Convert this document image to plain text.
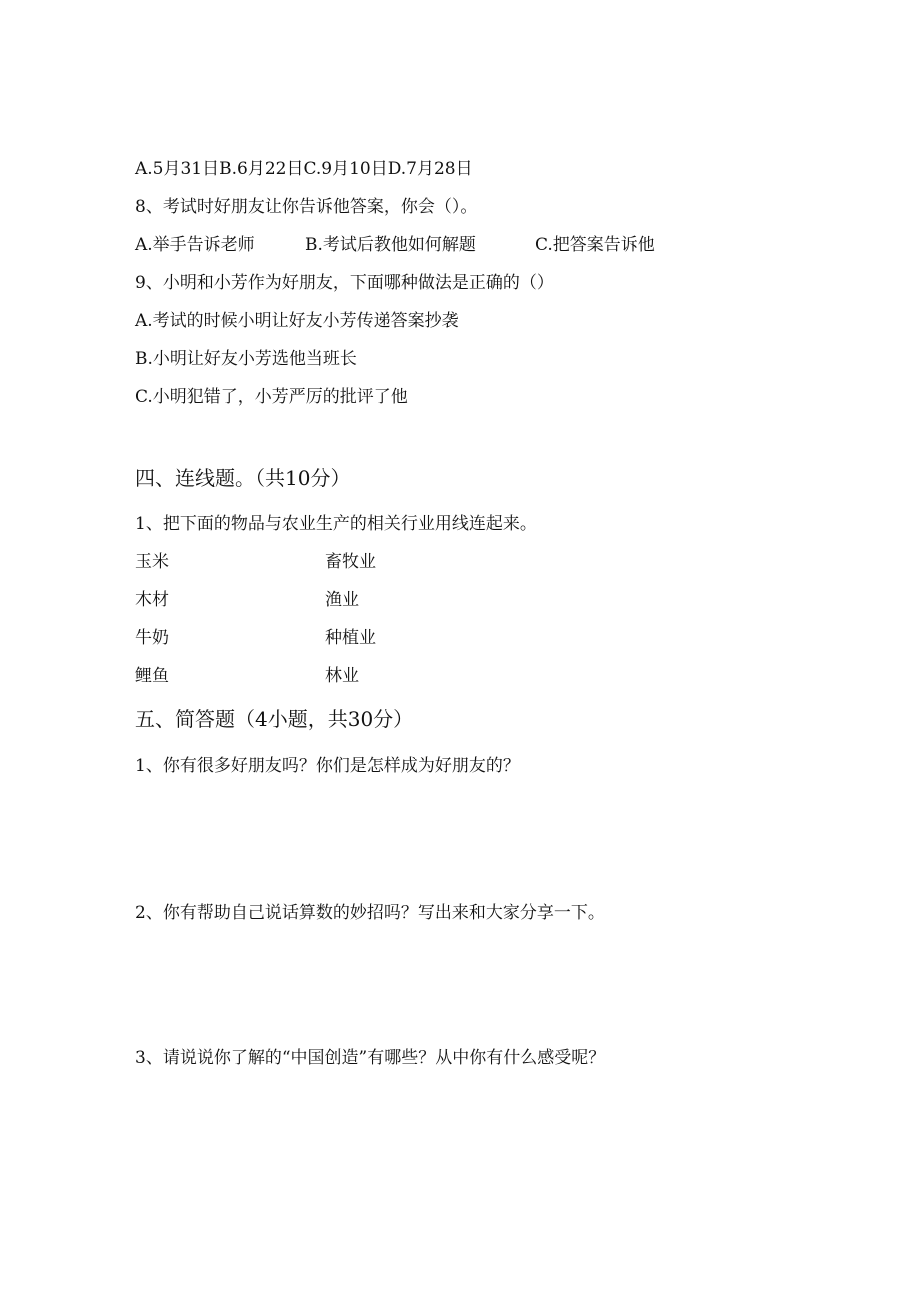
A.5月31日B.6月22日C.9月10日D.7月28日
8、考试时好朋友让你告诉他答案，你会（）。
A.举手告诉老师	B.考试后教他如何解题	C.把答案告诉他
9、小明和小芳作为好朋友，下面哪种做法是正确的（）
A.考试的时候小明让好友小芳传递答案抄袭
B.小明让好友小芳选他当班长
C.小明犯错了，小芳严厉的批评了他
四、连线题。（共10分）
1、把下面的物品与农业生产的相关行业用线连起来。
玉米	畜牧业
木材	渔业
牛奶	种植业
鲤鱼	林业
五、简答题（4小题，共30分）
1、你有很多好朋友吗？你们是怎样成为好朋友的？
2、你有帮助自己说话算数的妙招吗？写出来和大家分享一下。
3、请说说你了解的“中国创造”有哪些？从中你有什么感受呢？
